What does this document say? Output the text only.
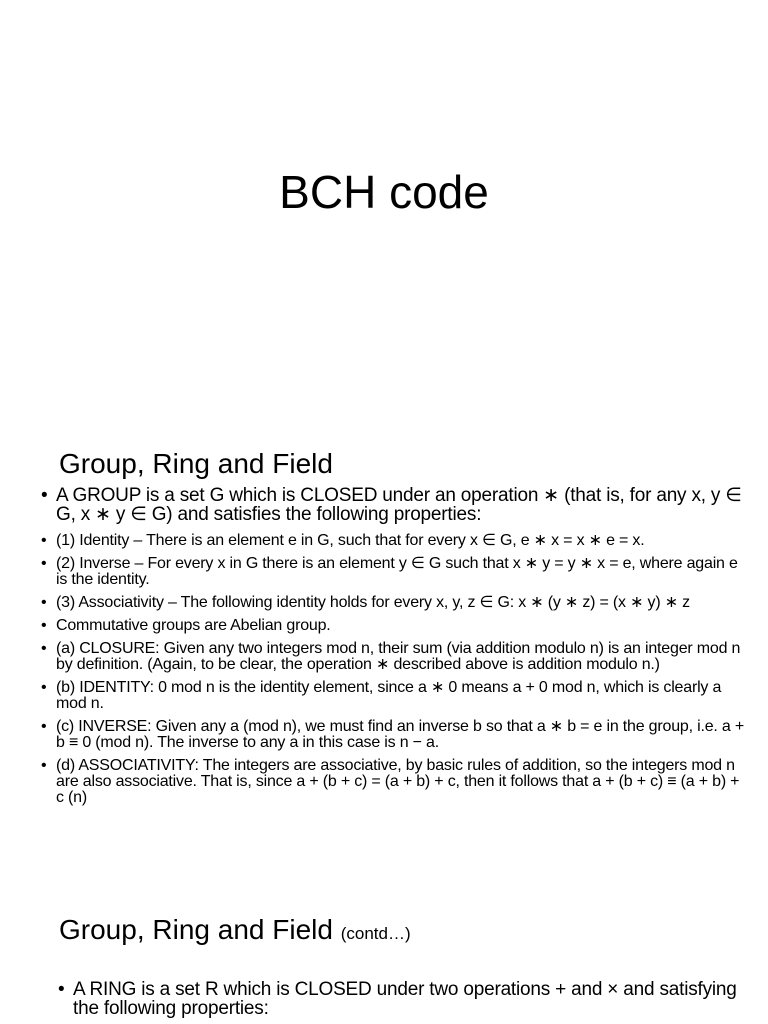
BCH code
Group, Ring and Field
• A GROUP is a set G which is CLOSED under an operation ∗ (that is, for any x, y ∈ G, x ∗ y ∈ G) and satisfies the following properties:
• (1) Identity – There is an element e in G, such that for every x ∈ G, e ∗ x = x ∗ e = x.
• (2) Inverse – For every x in G there is an element y ∈ G such that x ∗ y = y ∗ x = e, where again e is the identity.
• (3) Associativity – The following identity holds for every x, y, z ∈ G: x ∗ (y ∗ z) = (x ∗ y) ∗ z
• Commutative groups are Abelian group.
• (a) CLOSURE: Given any two integers mod n, their sum (via addition modulo n) is an integer mod n by definition. (Again, to be clear, the operation ∗ described above is addition modulo n.)
• (b) IDENTITY: 0 mod n is the identity element, since a ∗ 0 means a + 0 mod n, which is clearly a mod n.
• (c) INVERSE: Given any a (mod n), we must find an inverse b so that a ∗ b = e in the group, i.e. a + b ≡ 0 (mod n). The inverse to any a in this case is n − a.
• (d) ASSOCIATIVITY: The integers are associative, by basic rules of addition, so the integers mod n are also associative. That is, since a + (b + c) = (a + b) + c, then it follows that a + (b + c) ≡ (a + b) + c (n)
Group, Ring and Field (contd…)
• A RING is a set R which is CLOSED under two operations + and × and satisfying the following properties:
